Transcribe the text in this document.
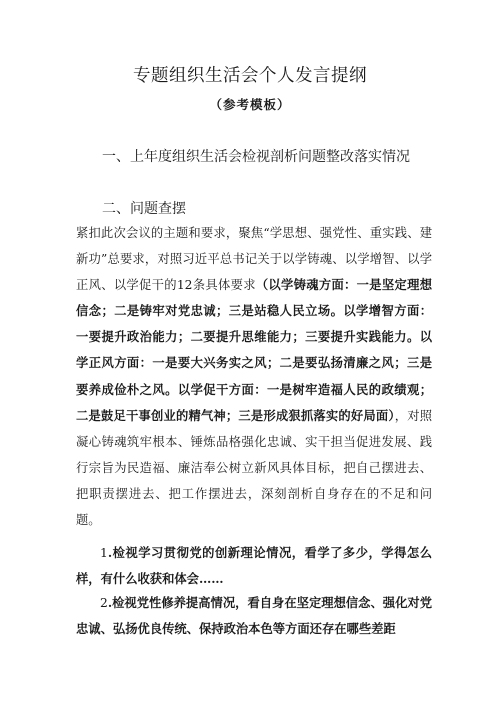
专题组织生活会个人发言提纲
（参考模板）
一、上年度组织生活会检视剖析问题整改落实情况
二、问题查摆

紧扣此次会议的主题和要求，聚焦“学思想、强党性、重实践、建新功”总要求，对照习近平总书记关于以学铸魂、以学增智、以学正风、以学促干的12条具体要求（以学铸魂方面：一是坚定理想信念；二是铸牢对党忠诚；三是站稳人民立场。以学增智方面：一要提升政治能力；二要提升思维能力；三要提升实践能力。以学正风方面：一是要大兴务实之风；二是要弘扬清廉之风；三是要养成俭朴之风。以学促干方面：一是树牢造福人民的政绩观；二是鼓足干事创业的精气神；三是形成狠抓落实的好局面），对照凝心铸魂筑牢根本、锤炼品格强化忠诚、实干担当促进发展、践行宗旨为民造福、廉洁奉公树立新风具体目标，把自己摆进去、把职责摆进去、把工作摆进去，深刻剖析自身存在的不足和问题。

1.检视学习贯彻党的创新理论情况，看学了多少，学得怎么样，有什么收获和体会……

2.检视党性修养提高情况，看自身在坚定理想信念、强化对党忠诚、弘扬优良传统、保持政治本色等方面还存在哪些差距
